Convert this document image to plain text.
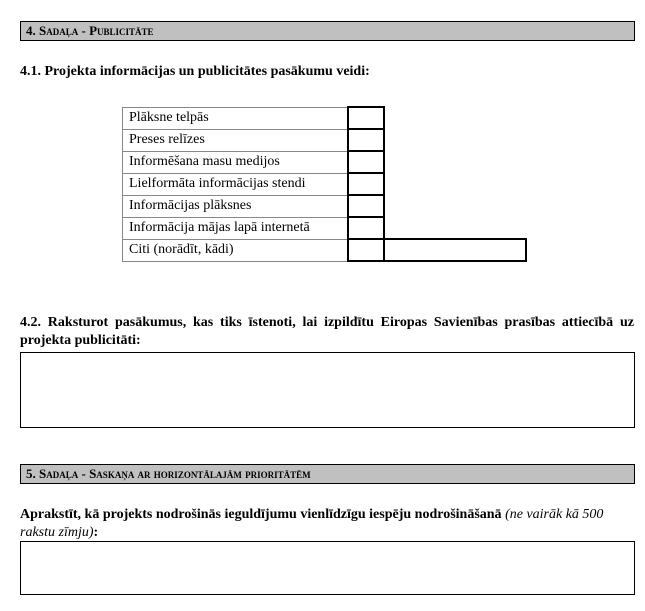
4. Sadaļa - Publicitāte
4.1. Projekta informācijas un publicitātes pasākumu veidi:
Plāksne telpās		
Preses relīzes		
Informēšana masu medijos		
Lielformāta informācijas stendi		
Informācijas plāksnes		
Informācija mājas lapā internetā		
Citi (norādīt, kādi)		
4.2. Raksturot pasākumus, kas tiks īstenoti, lai izpildītu Eiropas Savienības prasības attiecībā uz projekta publicitāti:
5. Sadaļa - Saskaņa ar horizontālajām prioritātēm
Aprakstīt, kā projekts nodrošinās ieguldījumu vienlīdzīgu iespēju nodrošināšanā (ne vairāk kā 500 rakstu zīmju):
